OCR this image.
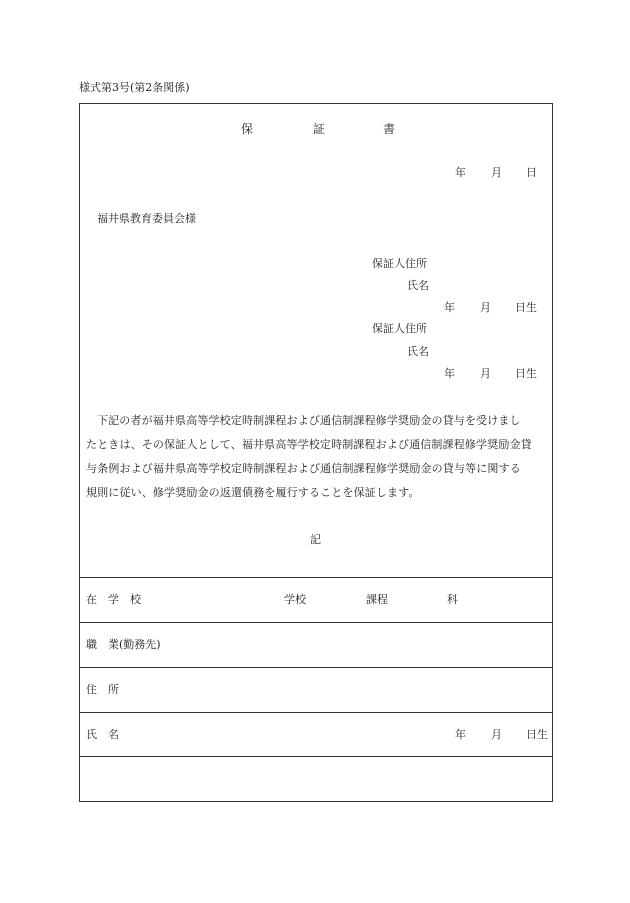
様式第3号(第2条関係)
保	証	書
年 月 日
福井県教育委員会様
保証人住所
氏名
年 月 日生
保証人住所
氏名
年 月 日生
下記の者が福井県高等学校定時制課程および通信制課程修学奨励金の貸与を受けまし
たときは、その保証人として、福井県高等学校定時制課程および通信制課程修学奨励金貸
与条例および福井県高等学校定時制課程および通信制課程修学奨励金の貸与等に関する
規則に従い、修学奨励金の返還債務を履行することを保証します。
記
在　学　校	学校	課程	科
職　業(勤務先)
住　所
氏　名	年 月 日生
